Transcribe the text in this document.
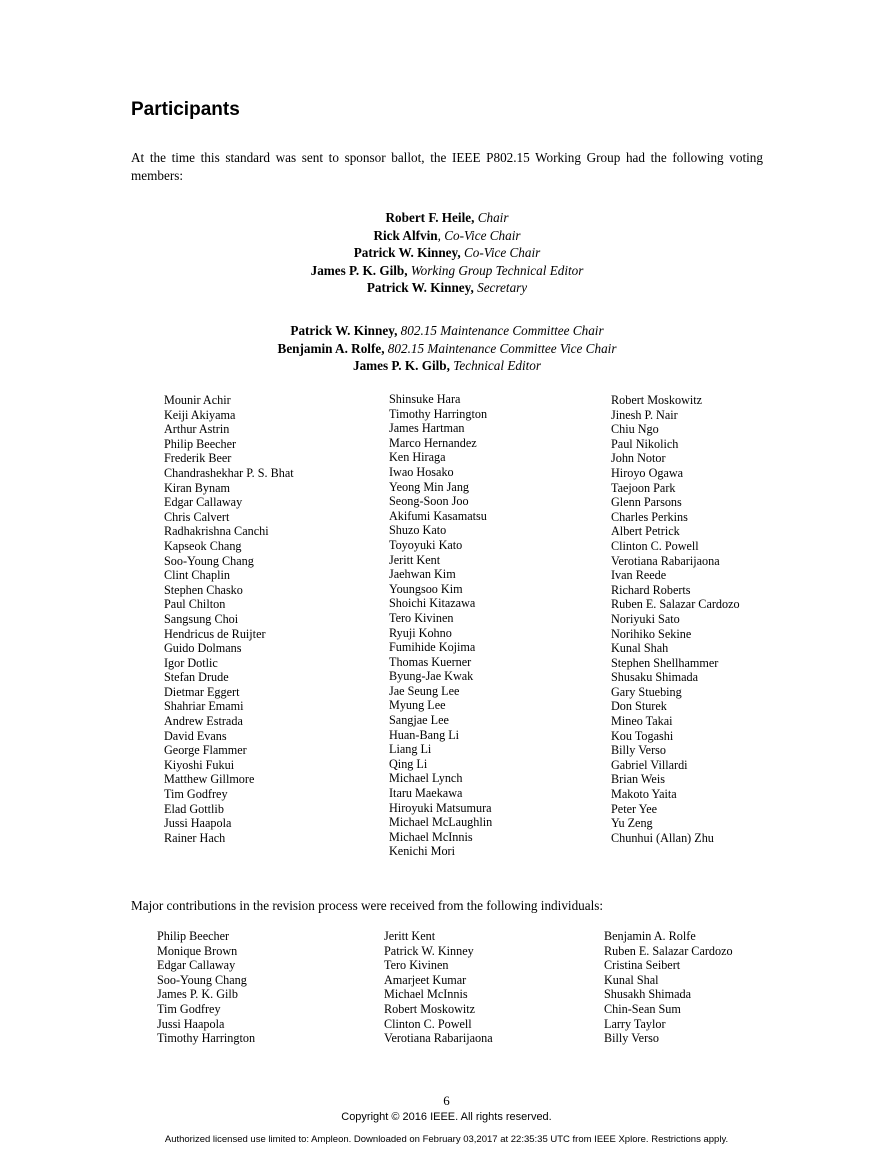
Participants

At the time this standard was sent to sponsor ballot, the IEEE P802.15 Working Group had the following voting members:

Robert F. Heile, Chair
Rick Alfvin, Co-Vice Chair
Patrick W. Kinney, Co-Vice Chair
James P. K. Gilb, Working Group Technical Editor
Patrick W. Kinney, Secretary
Patrick W. Kinney, 802.15 Maintenance Committee Chair
Benjamin A. Rolfe, 802.15 Maintenance Committee Vice Chair
James P. K. Gilb, Technical Editor
Mounir Achir
Keiji Akiyama
Arthur Astrin
Philip Beecher
Frederik Beer
Chandrashekhar P. S. Bhat
Kiran Bynam
Edgar Callaway
Chris Calvert
Radhakrishna Canchi
Kapseok Chang
Soo-Young Chang
Clint Chaplin
Stephen Chasko
Paul Chilton
Sangsung Choi
Hendricus de Ruijter
Guido Dolmans
Igor Dotlic
Stefan Drude
Dietmar Eggert
Shahriar Emami
Andrew Estrada
David Evans
George Flammer
Kiyoshi Fukui
Matthew Gillmore
Tim Godfrey
Elad Gottlib
Jussi Haapola
Rainer Hach
Shinsuke Hara
Timothy Harrington
James Hartman
Marco Hernandez
Ken Hiraga
Iwao Hosako
Yeong Min Jang
Seong-Soon Joo
Akifumi Kasamatsu
Shuzo Kato
Toyoyuki Kato
Jeritt Kent
Jaehwan Kim
Youngsoo Kim
Shoichi Kitazawa
Tero Kivinen
Ryuji Kohno
Fumihide Kojima
Thomas Kuerner
Byung-Jae Kwak
Jae Seung Lee
Myung Lee
Sangjae Lee
Huan-Bang Li
Liang Li
Qing Li
Michael Lynch
Itaru Maekawa
Hiroyuki Matsumura
Michael McLaughlin
Michael McInnis
Kenichi Mori
Robert Moskowitz
Jinesh P. Nair
Chiu Ngo
Paul Nikolich
John Notor
Hiroyo Ogawa
Taejoon Park
Glenn Parsons
Charles Perkins
Albert Petrick
Clinton C. Powell
Verotiana Rabarijaona
Ivan Reede
Richard Roberts
Ruben E. Salazar Cardozo
Noriyuki Sato
Norihiko Sekine
Kunal Shah
Stephen Shellhammer
Shusaku Shimada
Gary Stuebing
Don Sturek
Mineo Takai
Kou Togashi
Billy Verso
Gabriel Villardi
Brian Weis
Makoto Yaita
Peter Yee
Yu Zeng
Chunhui (Allan) Zhu

Major contributions in the revision process were received from the following individuals:

Philip Beecher
Monique Brown
Edgar Callaway
Soo-Young Chang
James P. K. Gilb
Tim Godfrey
Jussi Haapola
Timothy Harrington
Jeritt Kent
Patrick W. Kinney
Tero Kivinen
Amarjeet Kumar
Michael McInnis
Robert Moskowitz
Clinton C. Powell
Verotiana Rabarijaona
Benjamin A. Rolfe
Ruben E. Salazar Cardozo
Cristina Seibert
Kunal Shal
Shusakh Shimada
Chin-Sean Sum
Larry Taylor
Billy Verso
6
Copyright © 2016 IEEE. All rights reserved.
Authorized licensed use limited to: Ampleon. Downloaded on February 03,2017 at 22:35:35 UTC from IEEE Xplore. Restrictions apply.
